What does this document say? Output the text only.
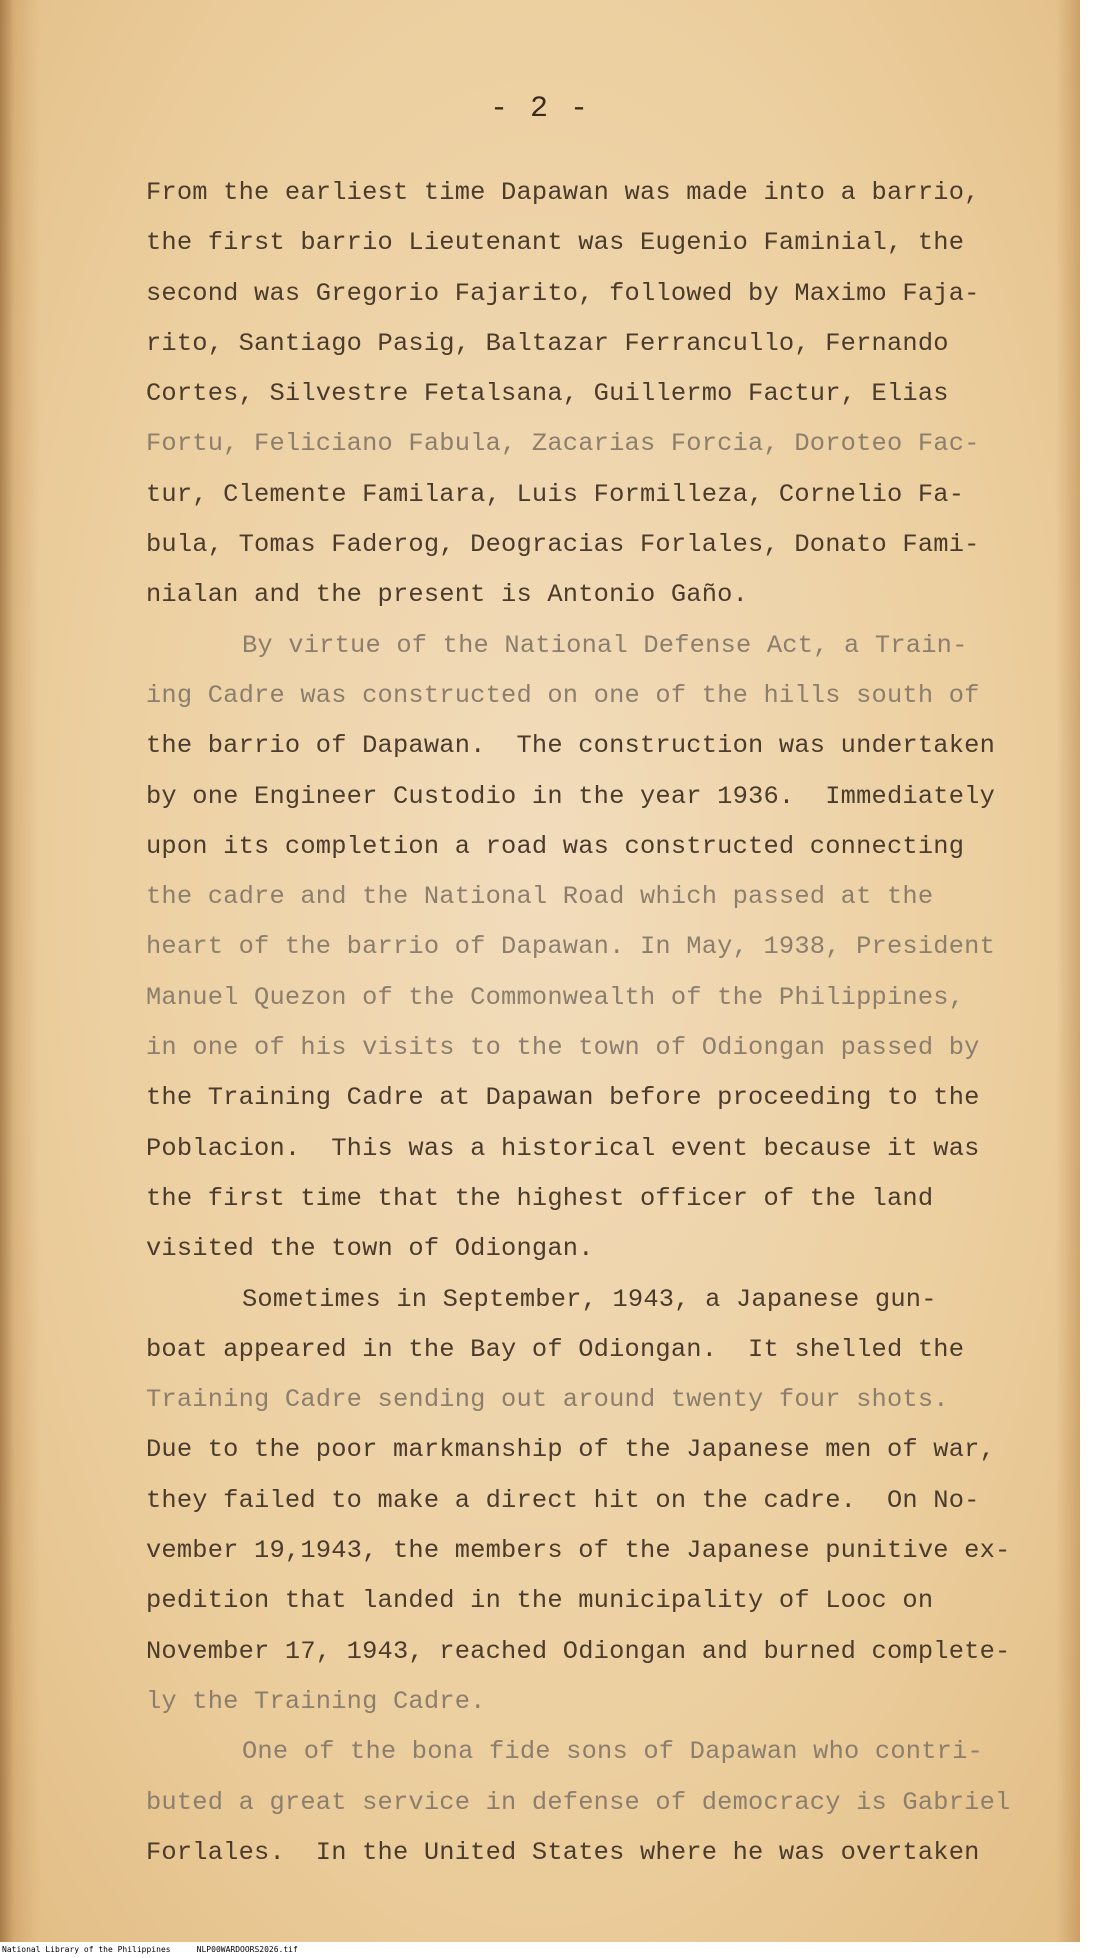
- 2 -
From the earliest time Dapawan was made into a barrio,
the first barrio Lieutenant was Eugenio Faminial, the
second was Gregorio Fajarito, followed by Maximo Faja-
rito, Santiago Pasig, Baltazar Ferrancullo, Fernando
Cortes, Silvestre Fetalsana, Guillermo Factur, Elias
Fortu, Feliciano Fabula, Zacarias Forcia, Doroteo Fac-
tur, Clemente Familara, Luis Formilleza, Cornelio Fa-
bula, Tomas Faderog, Deogracias Forlales, Donato Fami-
nialan and the present is Antonio Gaño.
By virtue of the National Defense Act, a Train-
ing Cadre was constructed on one of the hills south of
the barrio of Dapawan.  The construction was undertaken
by one Engineer Custodio in the year 1936.  Immediately
upon its completion a road was constructed connecting
the cadre and the National Road which passed at the
heart of the barrio of Dapawan. In May, 1938, President
Manuel Quezon of the Commonwealth of the Philippines,
in one of his visits to the town of Odiongan passed by
the Training Cadre at Dapawan before proceeding to the
Poblacion.  This was a historical event because it was
the first time that the highest officer of the land
visited the town of Odiongan.
Sometimes in September, 1943, a Japanese gun-
boat appeared in the Bay of Odiongan.  It shelled the
Training Cadre sending out around twenty four shots.
Due to the poor markmanship of the Japanese men of war,
they failed to make a direct hit on the cadre.  On No-
vember 19,1943, the members of the Japanese punitive ex-
pedition that landed in the municipality of Looc on
November 17, 1943, reached Odiongan and burned complete-
ly the Training Cadre.
One of the bona fide sons of Dapawan who contri-
buted a great service in defense of democracy is Gabriel
Forlales.  In the United States where he was overtaken
National Library of the Philippines	NLP00WARDOORS2026.tif
